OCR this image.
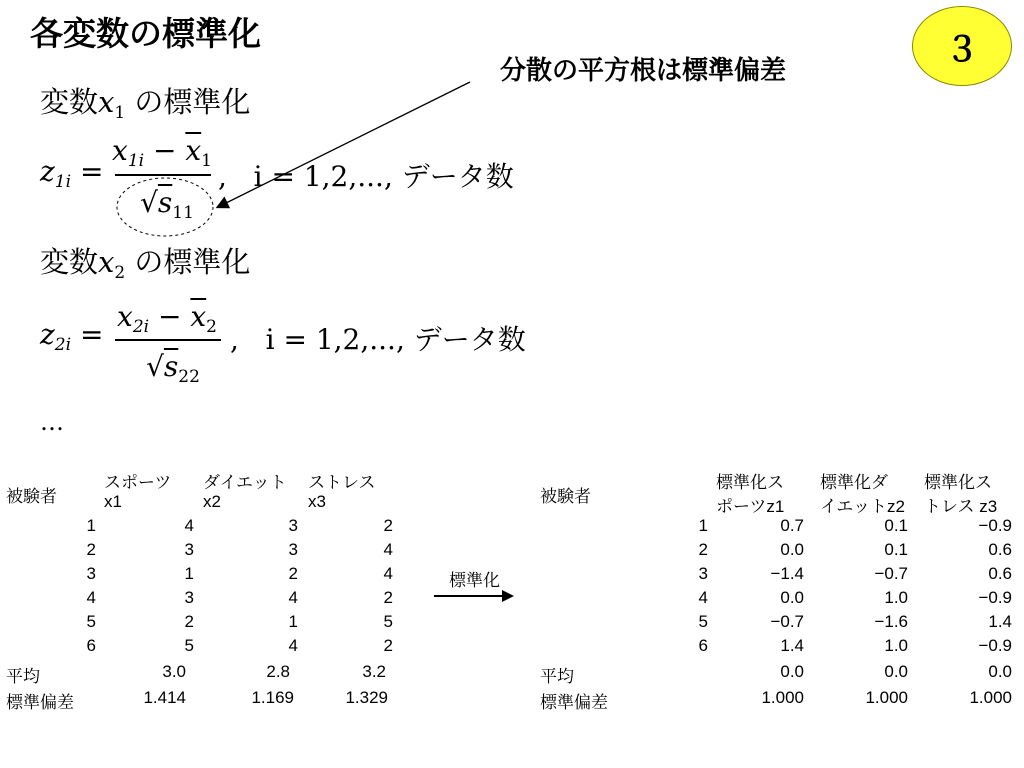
各変数の標準化
分散の平方根は標準偏差
３
変数$x_1$ の標準化
$z_{1i}$ =
$x_{1i} - \overline{x}_1$
$√s_{11}$
,   i = 1,2,..., データ数
変数$x_2$ の標準化
$z_{2i}$ =
$x_{2i} - \overline{x}_2$
$√s_{22}$
,   i = 1,2,..., データ数
…
被験者
スポーツ
x1
ダイエット
x2
ストレス
x3
1	4	3	2
2	3	3	4
3	1	2	4
4	3	4	2
5	2	1	5
6	5	4	2
平均	3.0	2.8	3.2
標準偏差	1.414	1.169	1.329
標準化
被験者
標準化ス
ポーツz1
標準化ダ
イエットz2
標準化ス
トレス z3
1	0.7	0.1	−0.9
2	0.0	0.1	0.6
3	−1.4	−0.7	0.6
4	0.0	1.0	−0.9
5	−0.7	−1.6	1.4
6	1.4	1.0	−0.9
平均	0.0	0.0	0.0
標準偏差	1.000	1.000	1.000
